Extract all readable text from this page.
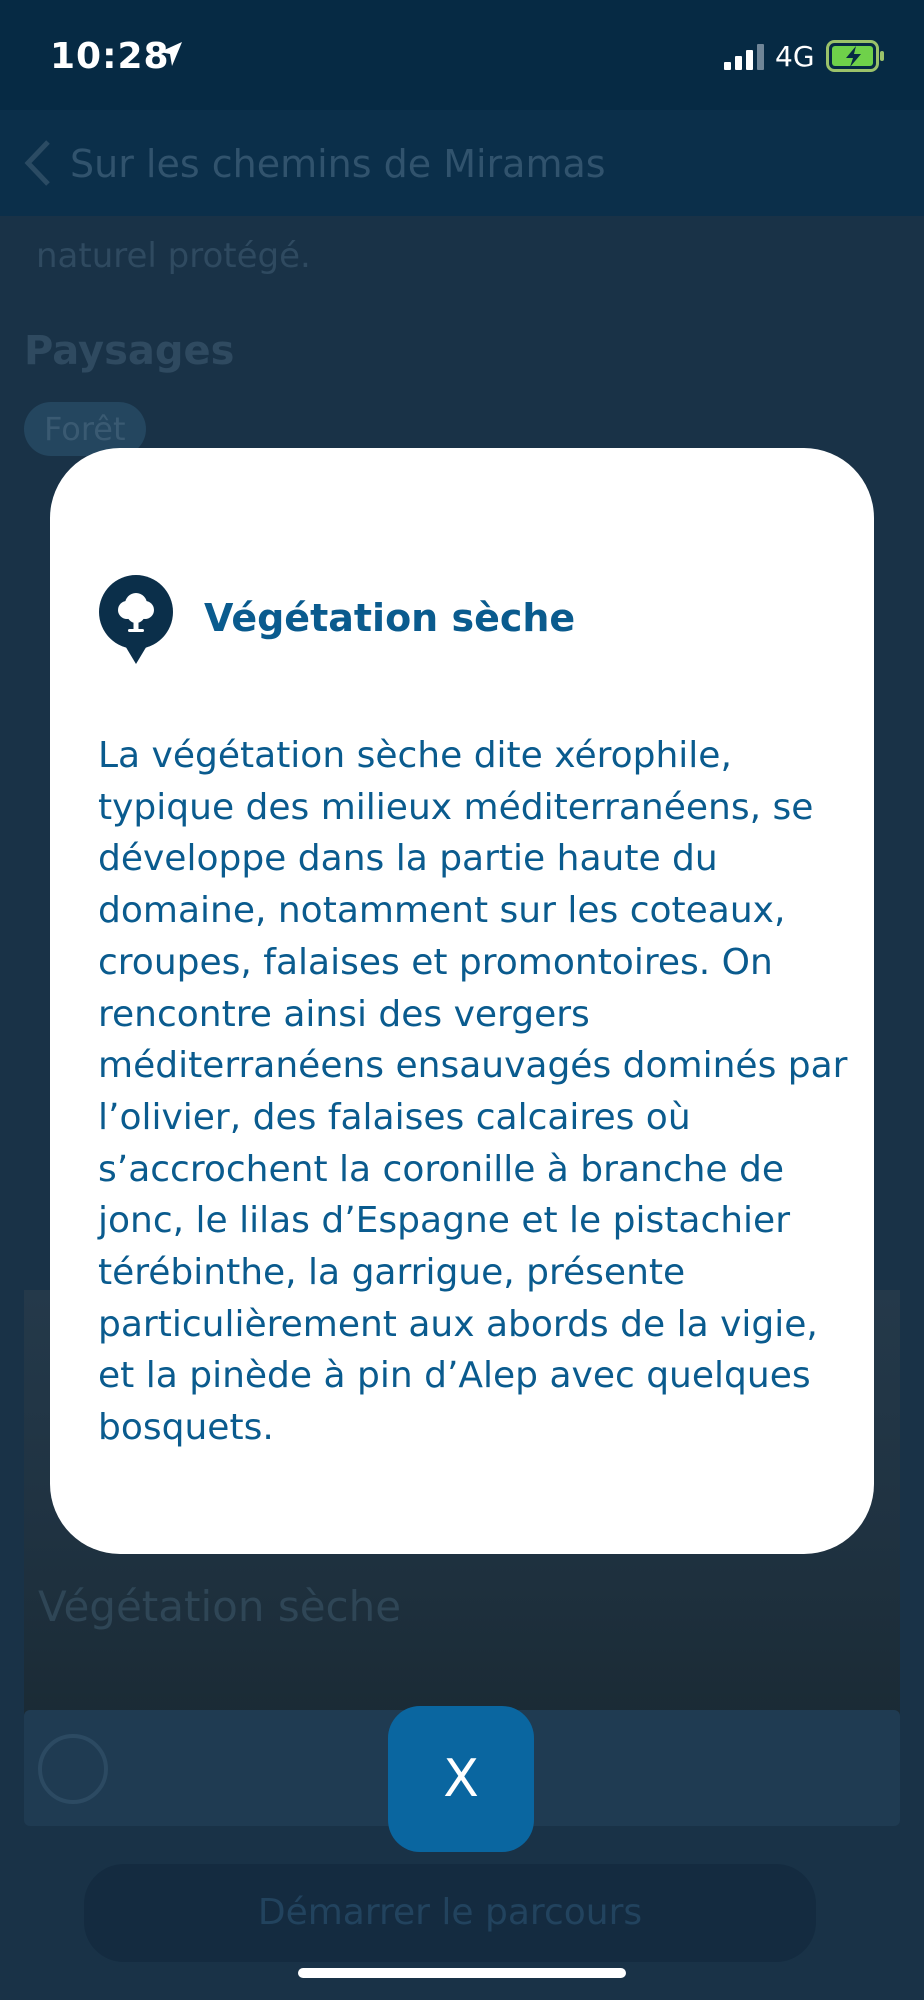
10:28	4G
Sur les chemins de Miramas
naturel protégé.
Paysages
Forêt
Végétation sèche
Démarrer le parcours
Végétation sèche
La végétation sèche dite xérophile, typique des milieux méditerranéens, se développe dans la partie haute du domaine, notamment sur les coteaux, croupes, falaises et promontoires. On rencontre ainsi des vergers méditerranéens ensauvagés dominés par l’olivier, des falaises calcaires où s’accrochent la coronille à branche de jonc, le lilas d’Espagne et le pistachier térébinthe, la garrigue, présente particulièrement aux abords de la vigie, et la pinède à pin d’Alep avec quelques bosquets.
X
